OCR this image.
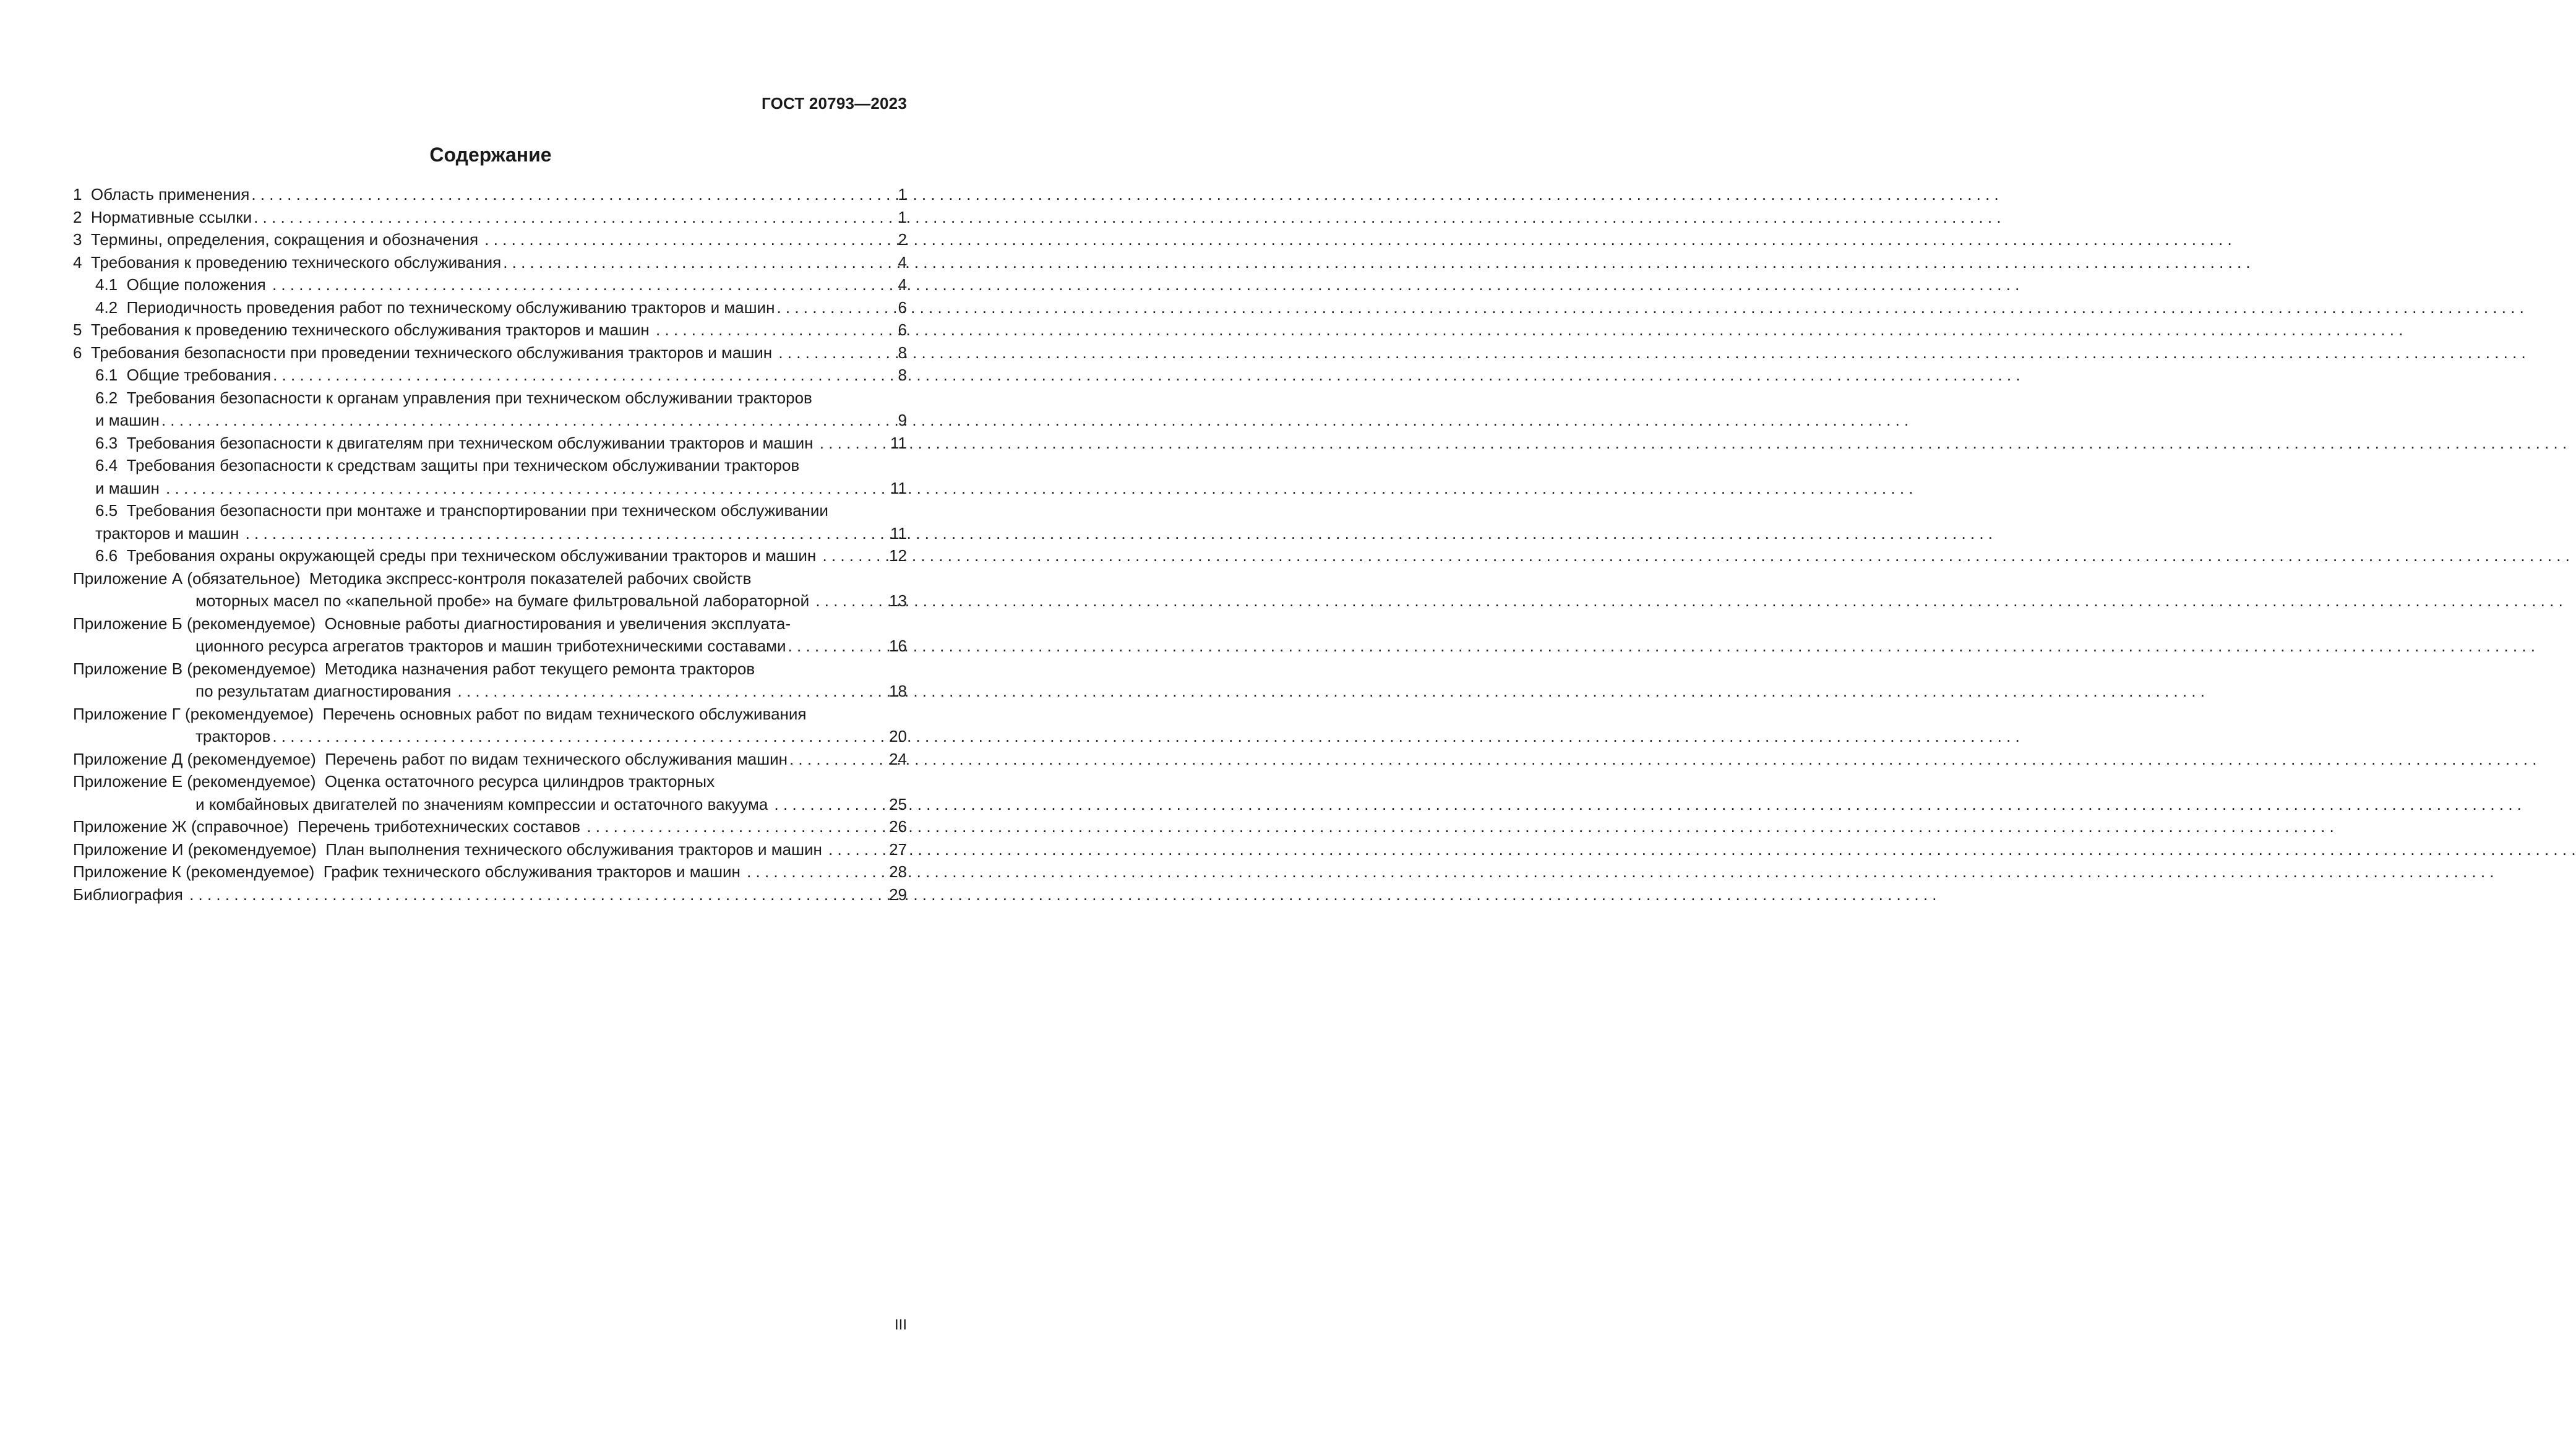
ГОСТ 20793—2023
Содержание
1  Область применения . . .	1
2  Нормативные ссылки . . .	1
3  Термины, определения, сокращения и обозначения . . .	2
4  Требования к проведению технического обслуживания . . .	4
4.1  Общие положения . . .	4
4.2  Периодичность проведения работ по техническому обслуживанию тракторов и машин . . .	6
5  Требования к проведению технического обслуживания тракторов и машин . . .	6
6  Требования безопасности при проведении технического обслуживания тракторов и машин . . .	8
6.1  Общие требования . . .	8
6.2  Требования безопасности к органам управления при техническом обслуживании тракторов
и машин . . .	9
6.3  Требования безопасности к двигателям при техническом обслуживании тракторов и машин . . .	11
6.4  Требования безопасности к средствам защиты при техническом обслуживании тракторов
и машин . . .	11
6.5  Требования безопасности при монтаже и транспортировании при техническом обслуживании
тракторов и машин . . .	11
6.6  Требования охраны окружающей среды при техническом обслуживании тракторов и машин . . .	12
Приложение А (обязательное)  Методика экспресс-контроля показателей рабочих свойств
моторных масел по «капельной пробе» на бумаге фильтровальной лабораторной . . .	13
Приложение Б (рекомендуемое)  Основные работы диагностирования и увеличения эксплуата-
ционного ресурса агрегатов тракторов и машин триботехническими составами . . .	16
Приложение В (рекомендуемое)  Методика назначения работ текущего ремонта тракторов
по результатам диагностирования . . .	18
Приложение Г (рекомендуемое)  Перечень основных работ по видам технического обслуживания
тракторов . . .	20
Приложение Д (рекомендуемое)  Перечень работ по видам технического обслуживания машин . . .	24
Приложение Е (рекомендуемое)  Оценка остаточного ресурса цилиндров тракторных
и комбайновых двигателей по значениям компрессии и остаточного вакуума . . .	25
Приложение Ж (справочное)  Перечень триботехнических составов . . .	26
Приложение И (рекомендуемое)  План выполнения технического обслуживания тракторов и машин . . .	27
Приложение К (рекомендуемое)  График технического обслуживания тракторов и машин . . .	28
Библиография . . .	29
III
